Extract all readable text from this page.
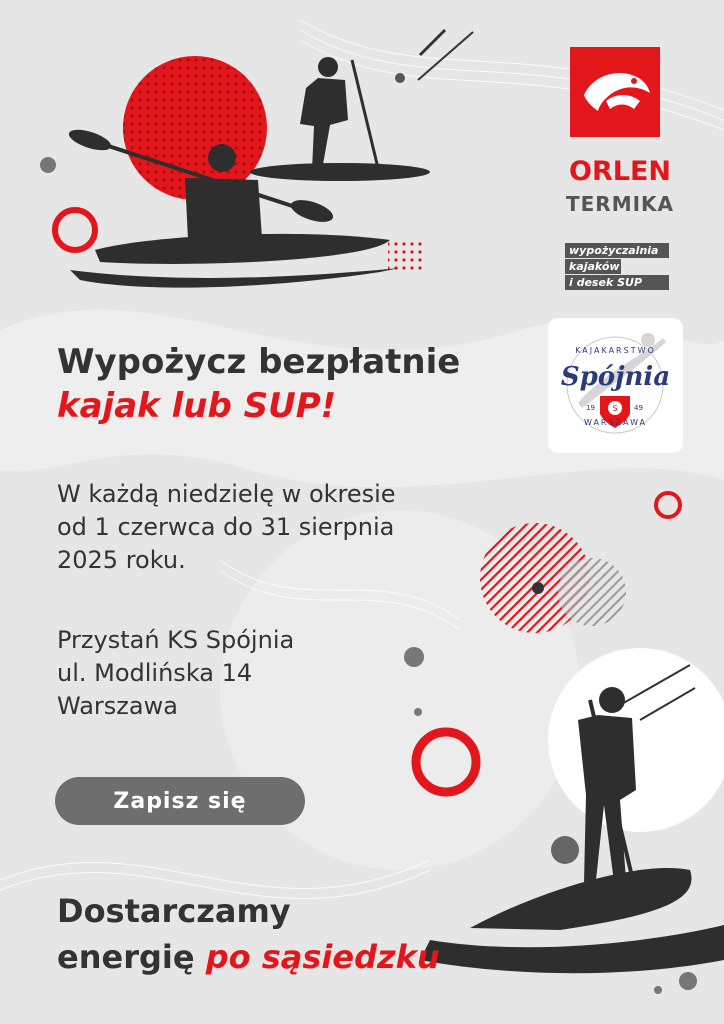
ORLEN
TERMIKA
wypożyczalnia
kajaków
i desek SUP
S
KAJAKARSTWO
Spójnia
19	49
WARSZAWA
Wypożycz bezpłatnie
kajak lub SUP!

W każdą niedzielę w okresie

od 1 czerwca do 31 sierpnia

2025 roku.

Przystań KS Spójnia

ul. Modlińska 14

Warszawa

Zapisz się
Dostarczamy
energię po sąsiedzku
